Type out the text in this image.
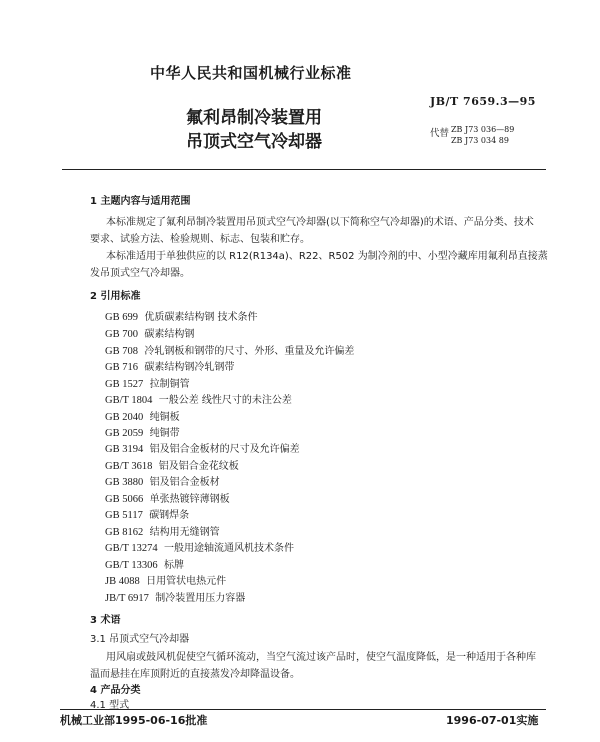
中华人民共和国机械行业标准
氟利昂制冷装置用
吊顶式空气冷却器
JB/T 7659.3—95
代替 ZB J73 036—89
ZB J73 034 89
1 主题内容与适用范围
本标准规定了氟利昂制冷装置用吊顶式空气冷却器(以下简称空气冷却器)的术语、产品分类、技术
要求、试验方法、检验规则、标志、包装和贮存。
本标准适用于单独供应的以 R12(R134a)、R22、R502 为制冷剂的中、小型冷藏库用氟利昂直接蒸
发吊顶式空气冷却器。
2 引用标准
GB 699 优质碳素结构钢 技术条件
GB 700 碳素结构钢
GB 708 冷轧钢板和钢带的尺寸、外形、重量及允许偏差
GB 716 碳素结构钢冷轧钢带
GB 1527 拉制铜管
GB/T 1804 一般公差 线性尺寸的未注公差
GB 2040 纯铜板
GB 2059 纯铜带
GB 3194 铝及铝合金板材的尺寸及允许偏差
GB/T 3618 铝及铝合金花纹板
GB 3880 铝及铝合金板材
GB 5066 单张热镀锌薄钢板
GB 5117 碳钢焊条
GB 8162 结构用无缝钢管
GB/T 13274 一般用途轴流通风机技术条件
GB/T 13306 标牌
JB 4088 日用管状电热元件
JB/T 6917 制冷装置用压力容器
3 术语
3.1 吊顶式空气冷却器
用风扇或鼓风机促使空气循环流动，当空气流过该产品时，使空气温度降低，是一种适用于各种库
温而悬挂在库顶附近的直接蒸发冷却降温设备。
4 产品分类
4.1 型式
机械工业部1995-06-16批准	1996-07-01实施
